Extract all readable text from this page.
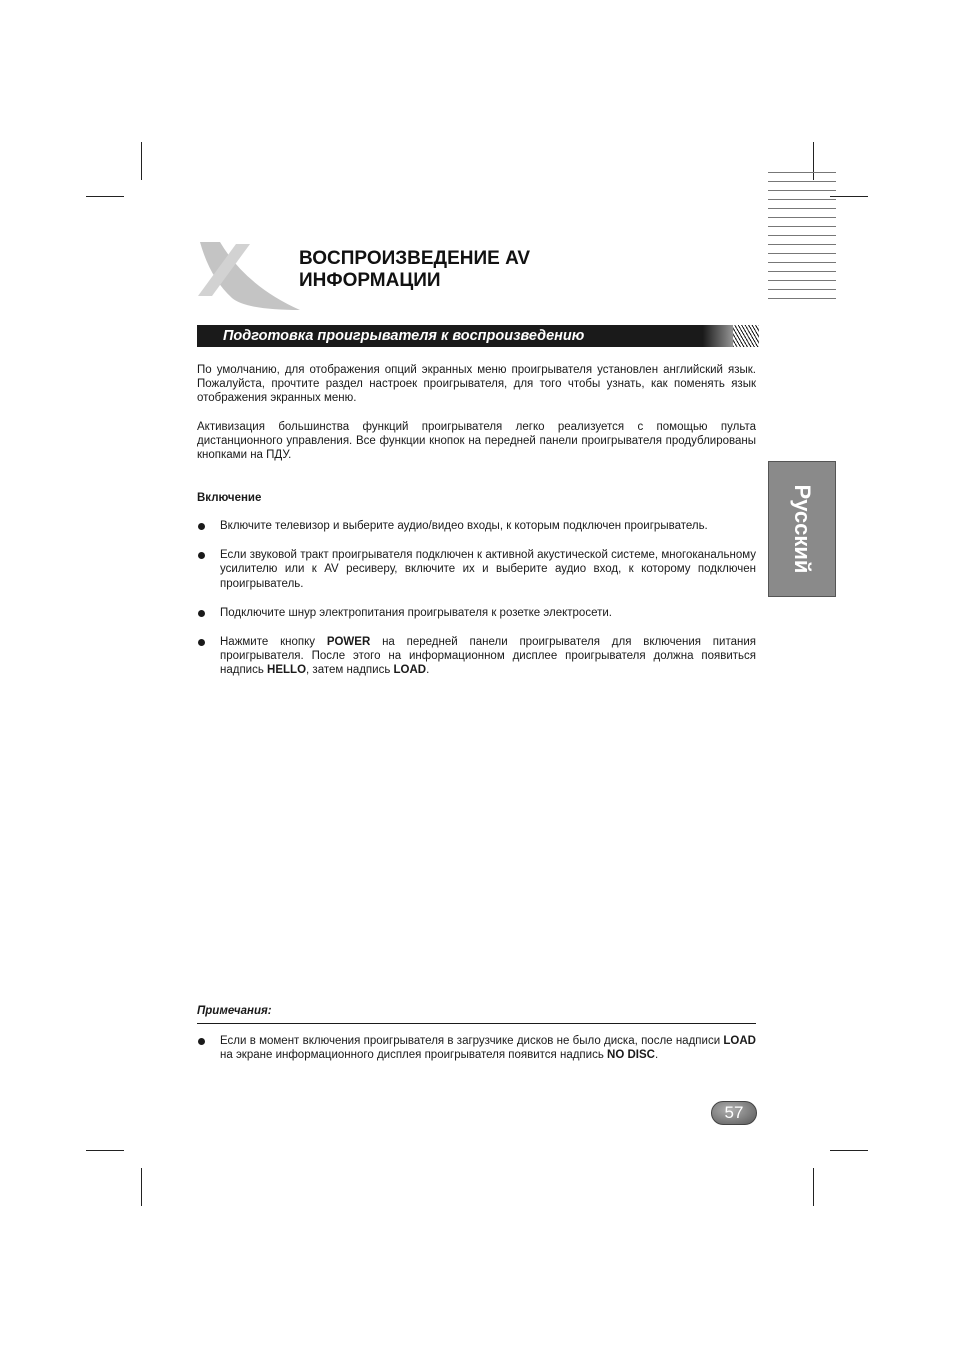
ВОСПРОИЗВЕДЕНИЕ AV
ИНФОРМАЦИИ
Подготовка проигрывателя к воспроизведению

По умолчанию, для отображения опций экранных меню проигрывателя установлен английский язык. Пожалуйста, прочтите раздел настроек проигрывателя, для того чтобы узнать, как поменять язык отображения экранных меню.

Активизация большинства функций проигрывателя легко реализуется с помощью пульта дистанционного управления. Все функции кнопок на передней панели проигрывателя продублированы кнопками на ПДУ.

Включение

Включите телевизор и выберите аудио/видео входы, к которым подключен проигрыватель.
Если звуковой тракт проигрывателя подключен к активной акустической системе, многоканальному усилителю или к AV ресиверу, включите их и выберите аудио вход, к которому подключен проигрыватель.
Подключите шнур электропитания проигрывателя к розетке электросети.
Нажмите кнопку POWER на передней панели проигрывателя для включения питания проигрывателя. После этого на информационном дисплее проигрывателя должна появиться надпись HELLO, затем надпись LOAD.
Русский

Примечания:

Если в момент включения проигрывателя в загрузчике дисков не было диска, после надписи LOAD на экране информационного дисплея проигрывателя появится надпись NO DISC.
57
